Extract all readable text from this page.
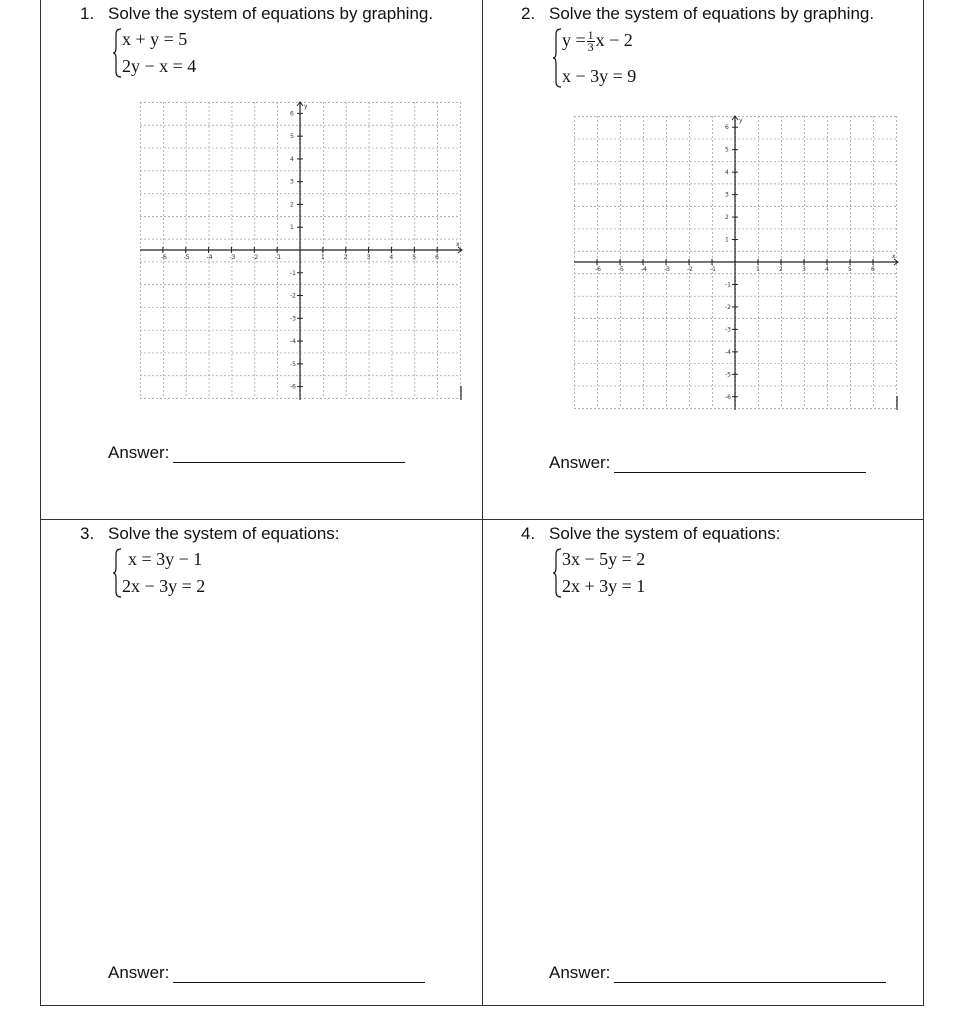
1. Solve the system of equations by graphing.
x + y = 5
2y − x = 4
-6	-5	-4	-3	-2	-1	1	2	3	4	5	6
6
5
4
3
2
1
-1
-2
-3
-4
-5
-6
x
y
Answer:
2. Solve the system of equations by graphing.
$y = \frac{1}{3}$ x − 2
x − 3y = 9
-6	-5	-4	-3	-2	-1	1	2	3	4	5	6
6
5
4
3
2
1
-1
-2
-3
-4
-5
-6
x
y
Answer:
3. Solve the system of equations:
x = 3y − 1
2x − 3y = 2
Answer:
4. Solve the system of equations:
3x − 5y = 2
2x + 3y = 1
Answer:
